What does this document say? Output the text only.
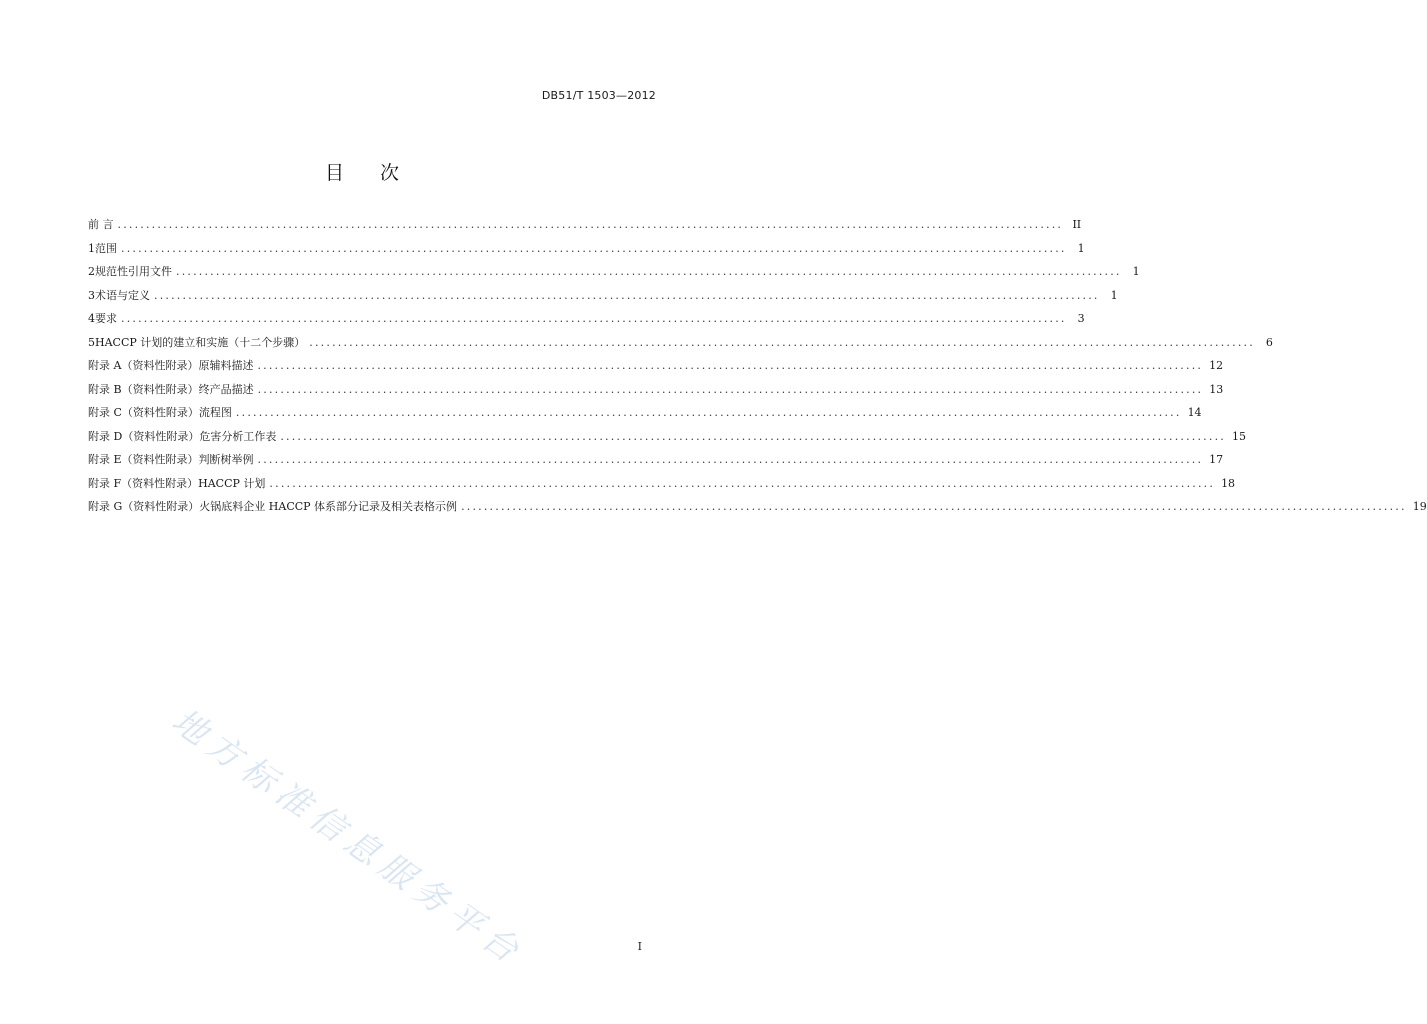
DB51/T 1503—2012
目 次
前 言 ...................................................................................................................................................................... II
1 范围 ......................................................................................................................................................................	1
2 规范性引用文件 ......................................................................................................................................................................	1
3 术语与定义 ......................................................................................................................................................................	1
4 要求 ......................................................................................................................................................................	3
5 HACCP 计划的建立和实施（十二个步骤） ......................................................................................................................................................................	6
附录 A（资料性附录） 原辅料描述 ...................................................................................................................................................................... 12
附录 B（资料性附录） 终产品描述 ...................................................................................................................................................................... 13
附录 C（资料性附录） 流程图 ...................................................................................................................................................................... 14
附录 D（资料性附录） 危害分析工作表 ...................................................................................................................................................................... 15
附录 E（资料性附录） 判断树举例 ...................................................................................................................................................................... 17
附录 F（资料性附录） HACCP 计划 ...................................................................................................................................................................... 18
附录 G（资料性附录） 火锅底料企业 HACCP 体系部分记录及相关表格示例 ...................................................................................................................................................................... 19
地方标准信息服务平台	I
